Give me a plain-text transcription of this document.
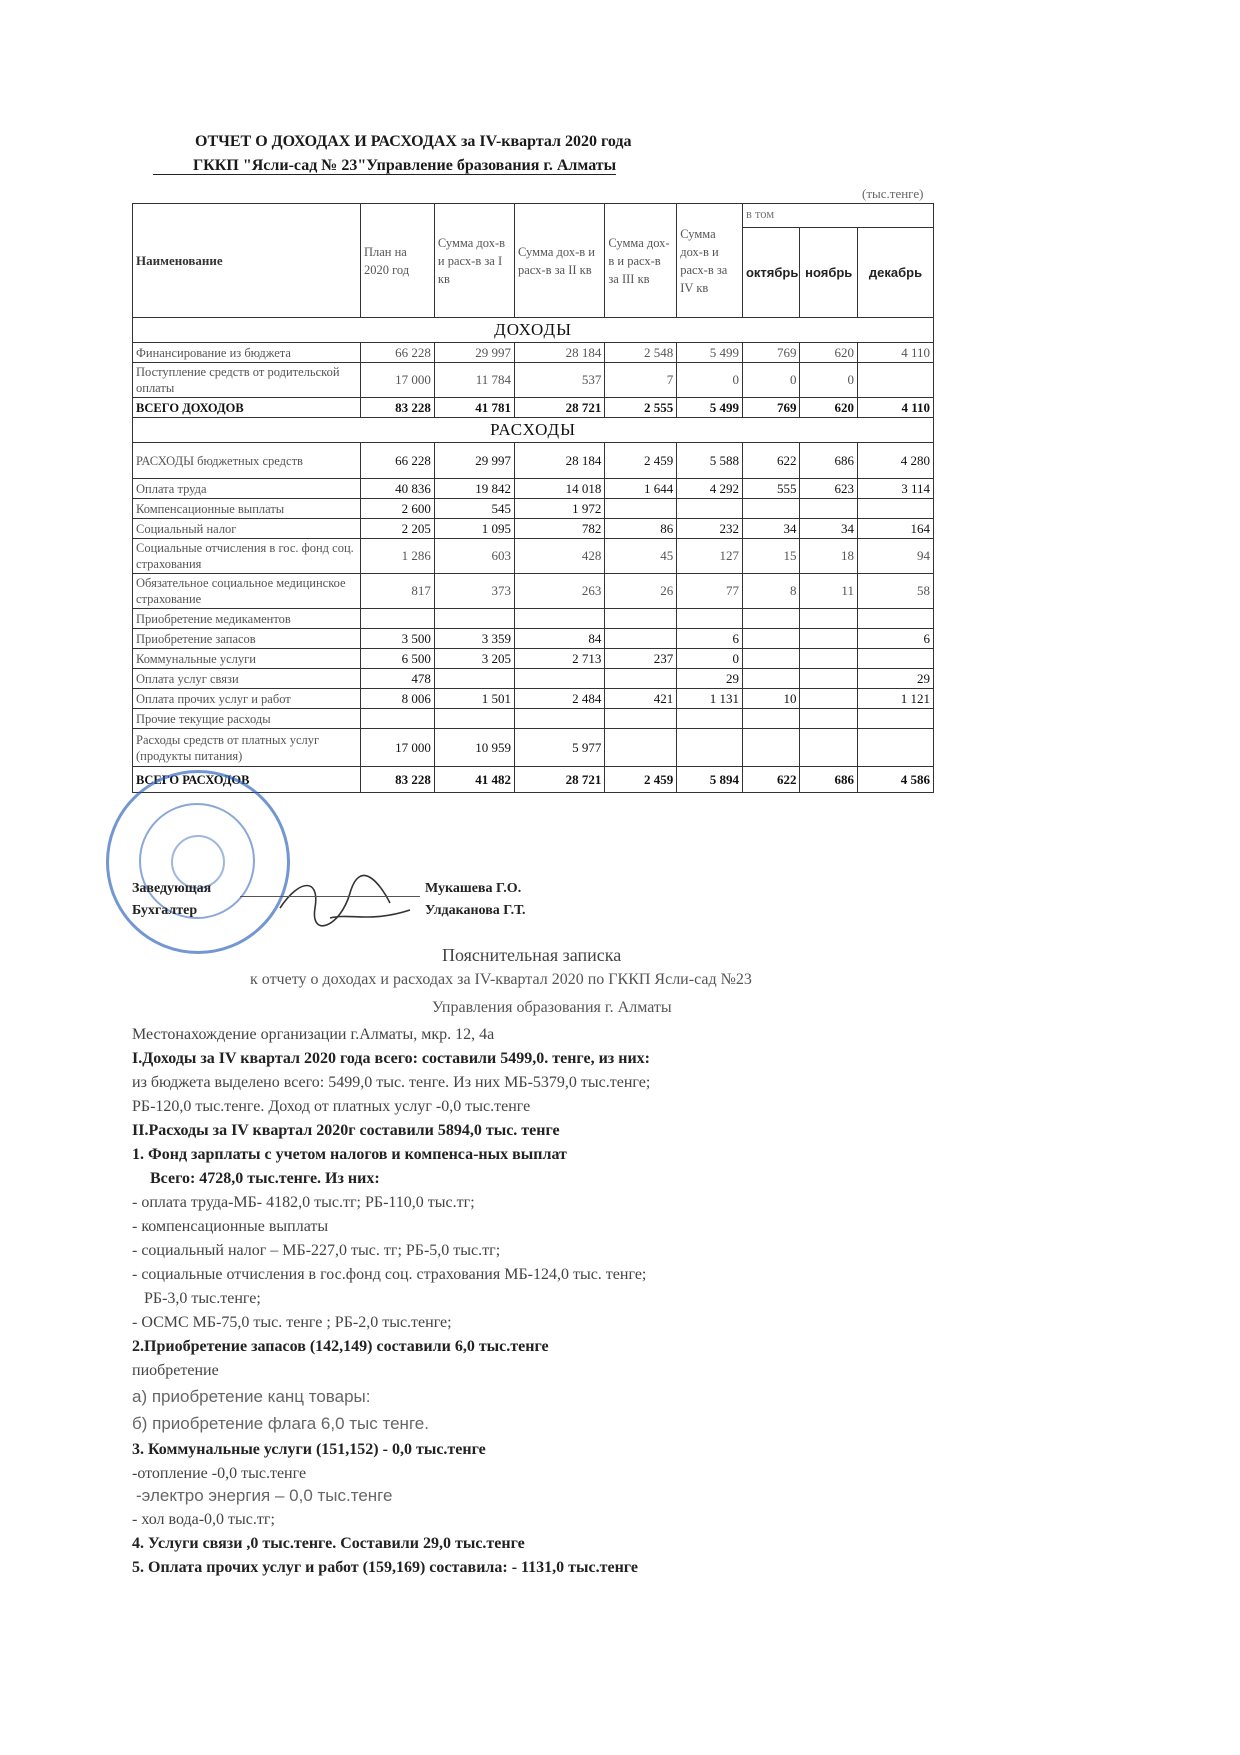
ОТЧЕТ О ДОХОДАХ И РАСХОДАХ за IV-квартал 2020 года
ГККП "Ясли-сад № 23"Управление бразования г. Алматы
(тыс.тенге)
Наименование	План на 2020 год	Сумма дох-в и расх-в за I кв	Сумма дох-в и расх-в за II кв	Сумма дох-в и расх-в за III кв	Сумма дох-в и расх-в за IV кв	в том		
						октябрь	ноябрь	декабрь
ДОХОДЫ								
Финансирование из бюджета	66 228	29 997	28 184	2 548	5 499	769	620	4 110
Поступление средств от родительской оплаты	17 000	11 784	537	7	0	0	0	
ВСЕГО ДОХОДОВ	83 228	41 781	28 721	2 555	5 499	769	620	4 110
РАСХОДЫ								
РАСХОДЫ бюджетных средств	66 228	29 997	28 184	2 459	5 588	622	686	4 280
Оплата труда	40 836	19 842	14 018	1 644	4 292	555	623	3 114
Компенсационные выплаты	2 600	545	1 972					
Социальный налог	2 205	1 095	782	86	232	34	34	164
Социальные отчисления в гос. фонд соц. страхования	1 286	603	428	45	127	15	18	94
Обязательное социальное медицинское страхование	817	373	263	26	77	8	11	58
Приобретение медикаментов								
Приобретение запасов	3 500	3 359	84		6			6
Коммунальные услуги	6 500	3 205	2 713	237	0			
Оплата услуг связи	478				29			29
Оплата прочих услуг и работ	8 006	1 501	2 484	421	1 131	10		1 121
Прочие текущие расходы								
Расходы средств от платных услуг (продукты питания)	17 000	10 959	5 977					
ВСЕГО РАСХОДОВ	83 228	41 482	28 721	2 459	5 894	622	686	4 586
Заведующая	Мукашева Г.О.
Бухгалтер	Улдаканова Г.Т.
Пояснительная записка
к отчету о доходах и расходах за IV-квартал 2020 по ГККП Ясли-сад №23
Управления образования г. Алматы
Местонахождение организации г.Алматы, мкр. 12, 4а
I.Доходы за IV квартал 2020 года всего: составили 5499,0. тенге, из них:
из бюджета выделено всего: 5499,0 тыс. тенге. Из них МБ-5379,0 тыс.тенге;
РБ-120,0 тыс.тенге. Доход от платных услуг -0,0 тыс.тенге
II.Расходы за IV квартал 2020г составили 5894,0 тыс. тенге
1. Фонд зарплаты с учетом налогов и компенса-ных выплат
Всего: 4728,0 тыс.тенге. Из них:
- оплата труда-МБ- 4182,0 тыс.тг; РБ-110,0 тыс.тг;
- компенсационные выплаты
- социальный налог – МБ-227,0 тыс. тг; РБ-5,0 тыс.тг;
- социальные отчисления в гос.фонд соц. страхования МБ-124,0 тыс. тенге;
РБ-3,0 тыс.тенге;
- ОСМС МБ-75,0 тыс. тенге ; РБ-2,0 тыс.тенге;
2.Приобретение запасов (142,149) составили 6,0 тыс.тенге
пиобретение
а) приобретение канц товары:
б) приобретение флага 6,0 тыс тенге.
3. Коммунальные услуги (151,152) - 0,0 тыс.тенге
-отопление -0,0 тыс.тенге
-электро энергия – 0,0 тыс.тенге
- хол вода-0,0 тыс.тг;
4. Услуги связи ,0 тыс.тенге. Составили 29,0 тыс.тенге
5. Оплата прочих услуг и работ (159,169) составила: - 1131,0 тыс.тенге
